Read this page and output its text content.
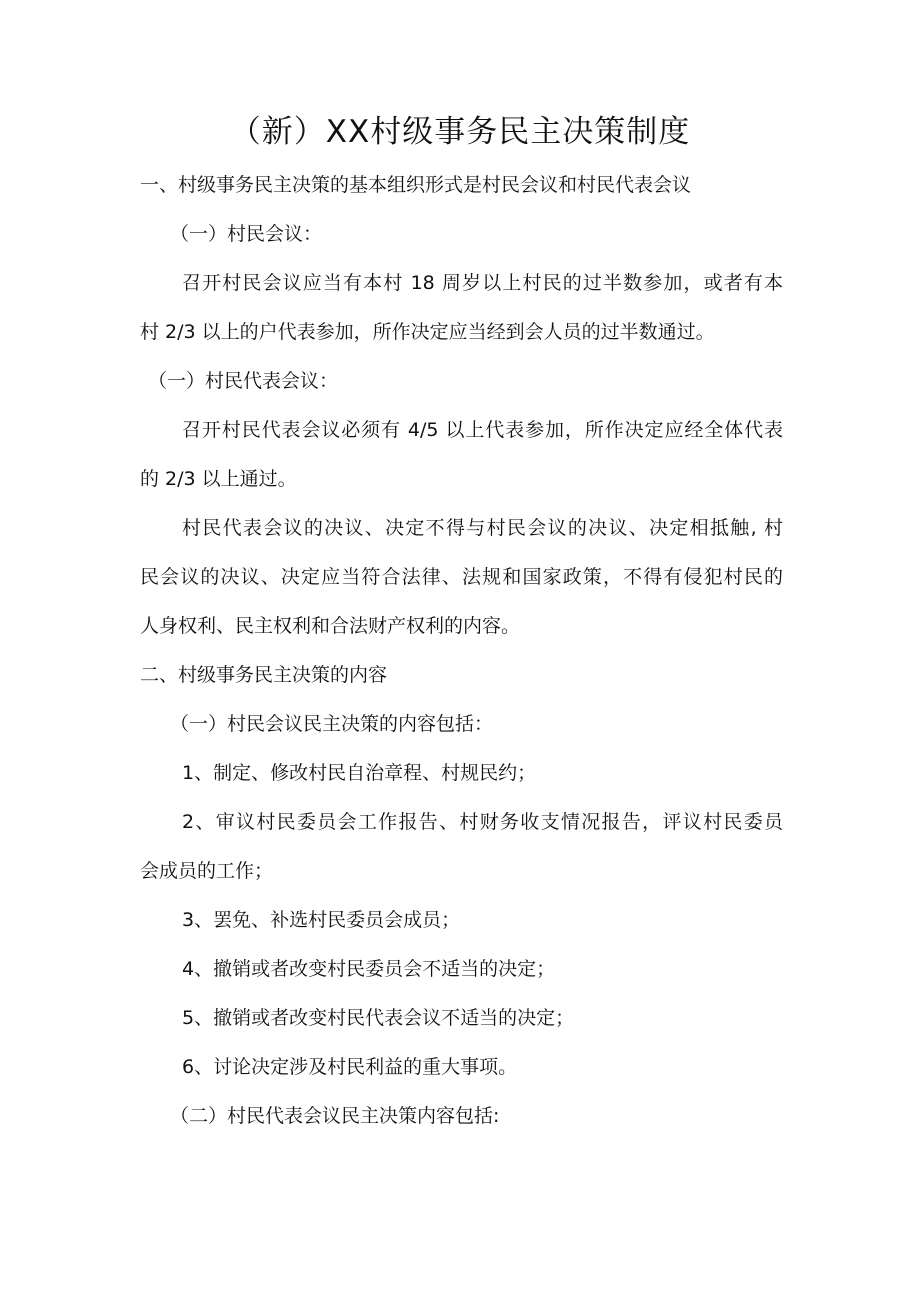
（新）XX村级事务民主决策制度
一、村级事务民主决策的基本组织形式是村民会议和村民代表会议
（一）村民会议：
召开村民会议应当有本村 18 周岁以上村民的过半数参加，或者有本
村 2/3 以上的户代表参加，所作决定应当经到会人员的过半数通过。
（一）村民代表会议：
召开村民代表会议必须有 4/5 以上代表参加，所作决定应经全体代表
的 2/3 以上通过。
村民代表会议的决议、决定不得与村民会议的决议、决定相抵触, 村
民会议的决议、决定应当符合法律、法规和国家政策，不得有侵犯村民的
人身权利、民主权利和合法财产权利的内容。
二、村级事务民主决策的内容
（一）村民会议民主决策的内容包括：
1、制定、修改村民自治章程、村规民约；
2、审议村民委员会工作报告、村财务收支情况报告，评议村民委员
会成员的工作；
3、罢免、补选村民委员会成员；
4、撤销或者改变村民委员会不适当的决定；
5、撤销或者改变村民代表会议不适当的决定；
6、讨论决定涉及村民利益的重大事项。
（二）村民代表会议民主决策内容包括:
